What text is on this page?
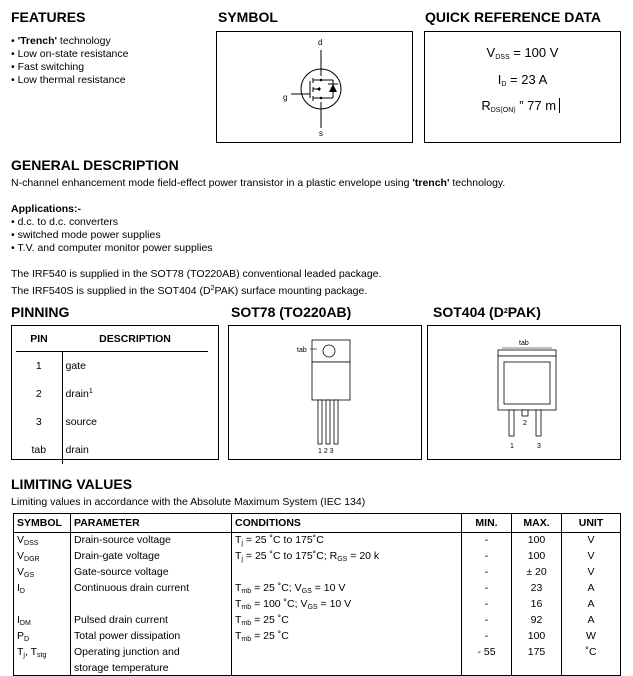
FEATURES
• 'Trench' technology
• Low on-state resistance
• Fast switching
• Low thermal resistance
SYMBOL
d
g
s
QUICK REFERENCE DATA
$V_{DSS} = 100$ V
$I_D = 23$ A
$R_{DS(ON)}$ ” 77 m
GENERAL DESCRIPTION
N-channel enhancement mode field-effect power transistor in a plastic envelope using 'trench' technology.
Applications:-
• d.c. to d.c. converters
• switched mode power supplies
• T.V. and computer monitor power supplies
The IRF540 is supplied in the SOT78 (TO220AB) conventional leaded package.
The IRF540S is supplied in the SOT404 $(D^2PAK)$ surface mounting package.
PINNING
PIN	DESCRIPTION
1	gate
2	drain$^1$
3	source
tab	drain
SOT78 (TO220AB)
tab
1 2 3
SOT404 $(D^2PAK)$
tab
2
1	3
LIMITING VALUES
Limiting values in accordance with the Absolute Maximum System (IEC 134)
SYMBOL	PARAMETER	CONDITIONS	MIN.	MAX.	UNIT
$V_{DSS}$	Drain-source voltage	$T_j = 25$ ˚C to 175˚C	-	100	V
$V_{DGR}$	Drain-gate voltage	$T_j = 25$ ˚C to 175˚C; $R_{GS} = 20$ k	-	100	V
$V_{GS}$	Gate-source voltage		-	± 20	V
$I_D$	Continuous drain current	$T_{mb} = 25$ ˚C; $V_{GS} = 10$ V	-	23	A
		$T_{mb} = 100$ ˚C; $V_{GS} = 10$ V	-	16	A
$I_{DM}$	Pulsed drain current	$T_{mb} = 25$ ˚C	-	92	A
$P_D$	Total power dissipation	$T_{mb} = 25$ ˚C	-	100	W
$T_j$, $T_{stg}$	Operating junction and		- 55	175	˚C
	storage temperature				
